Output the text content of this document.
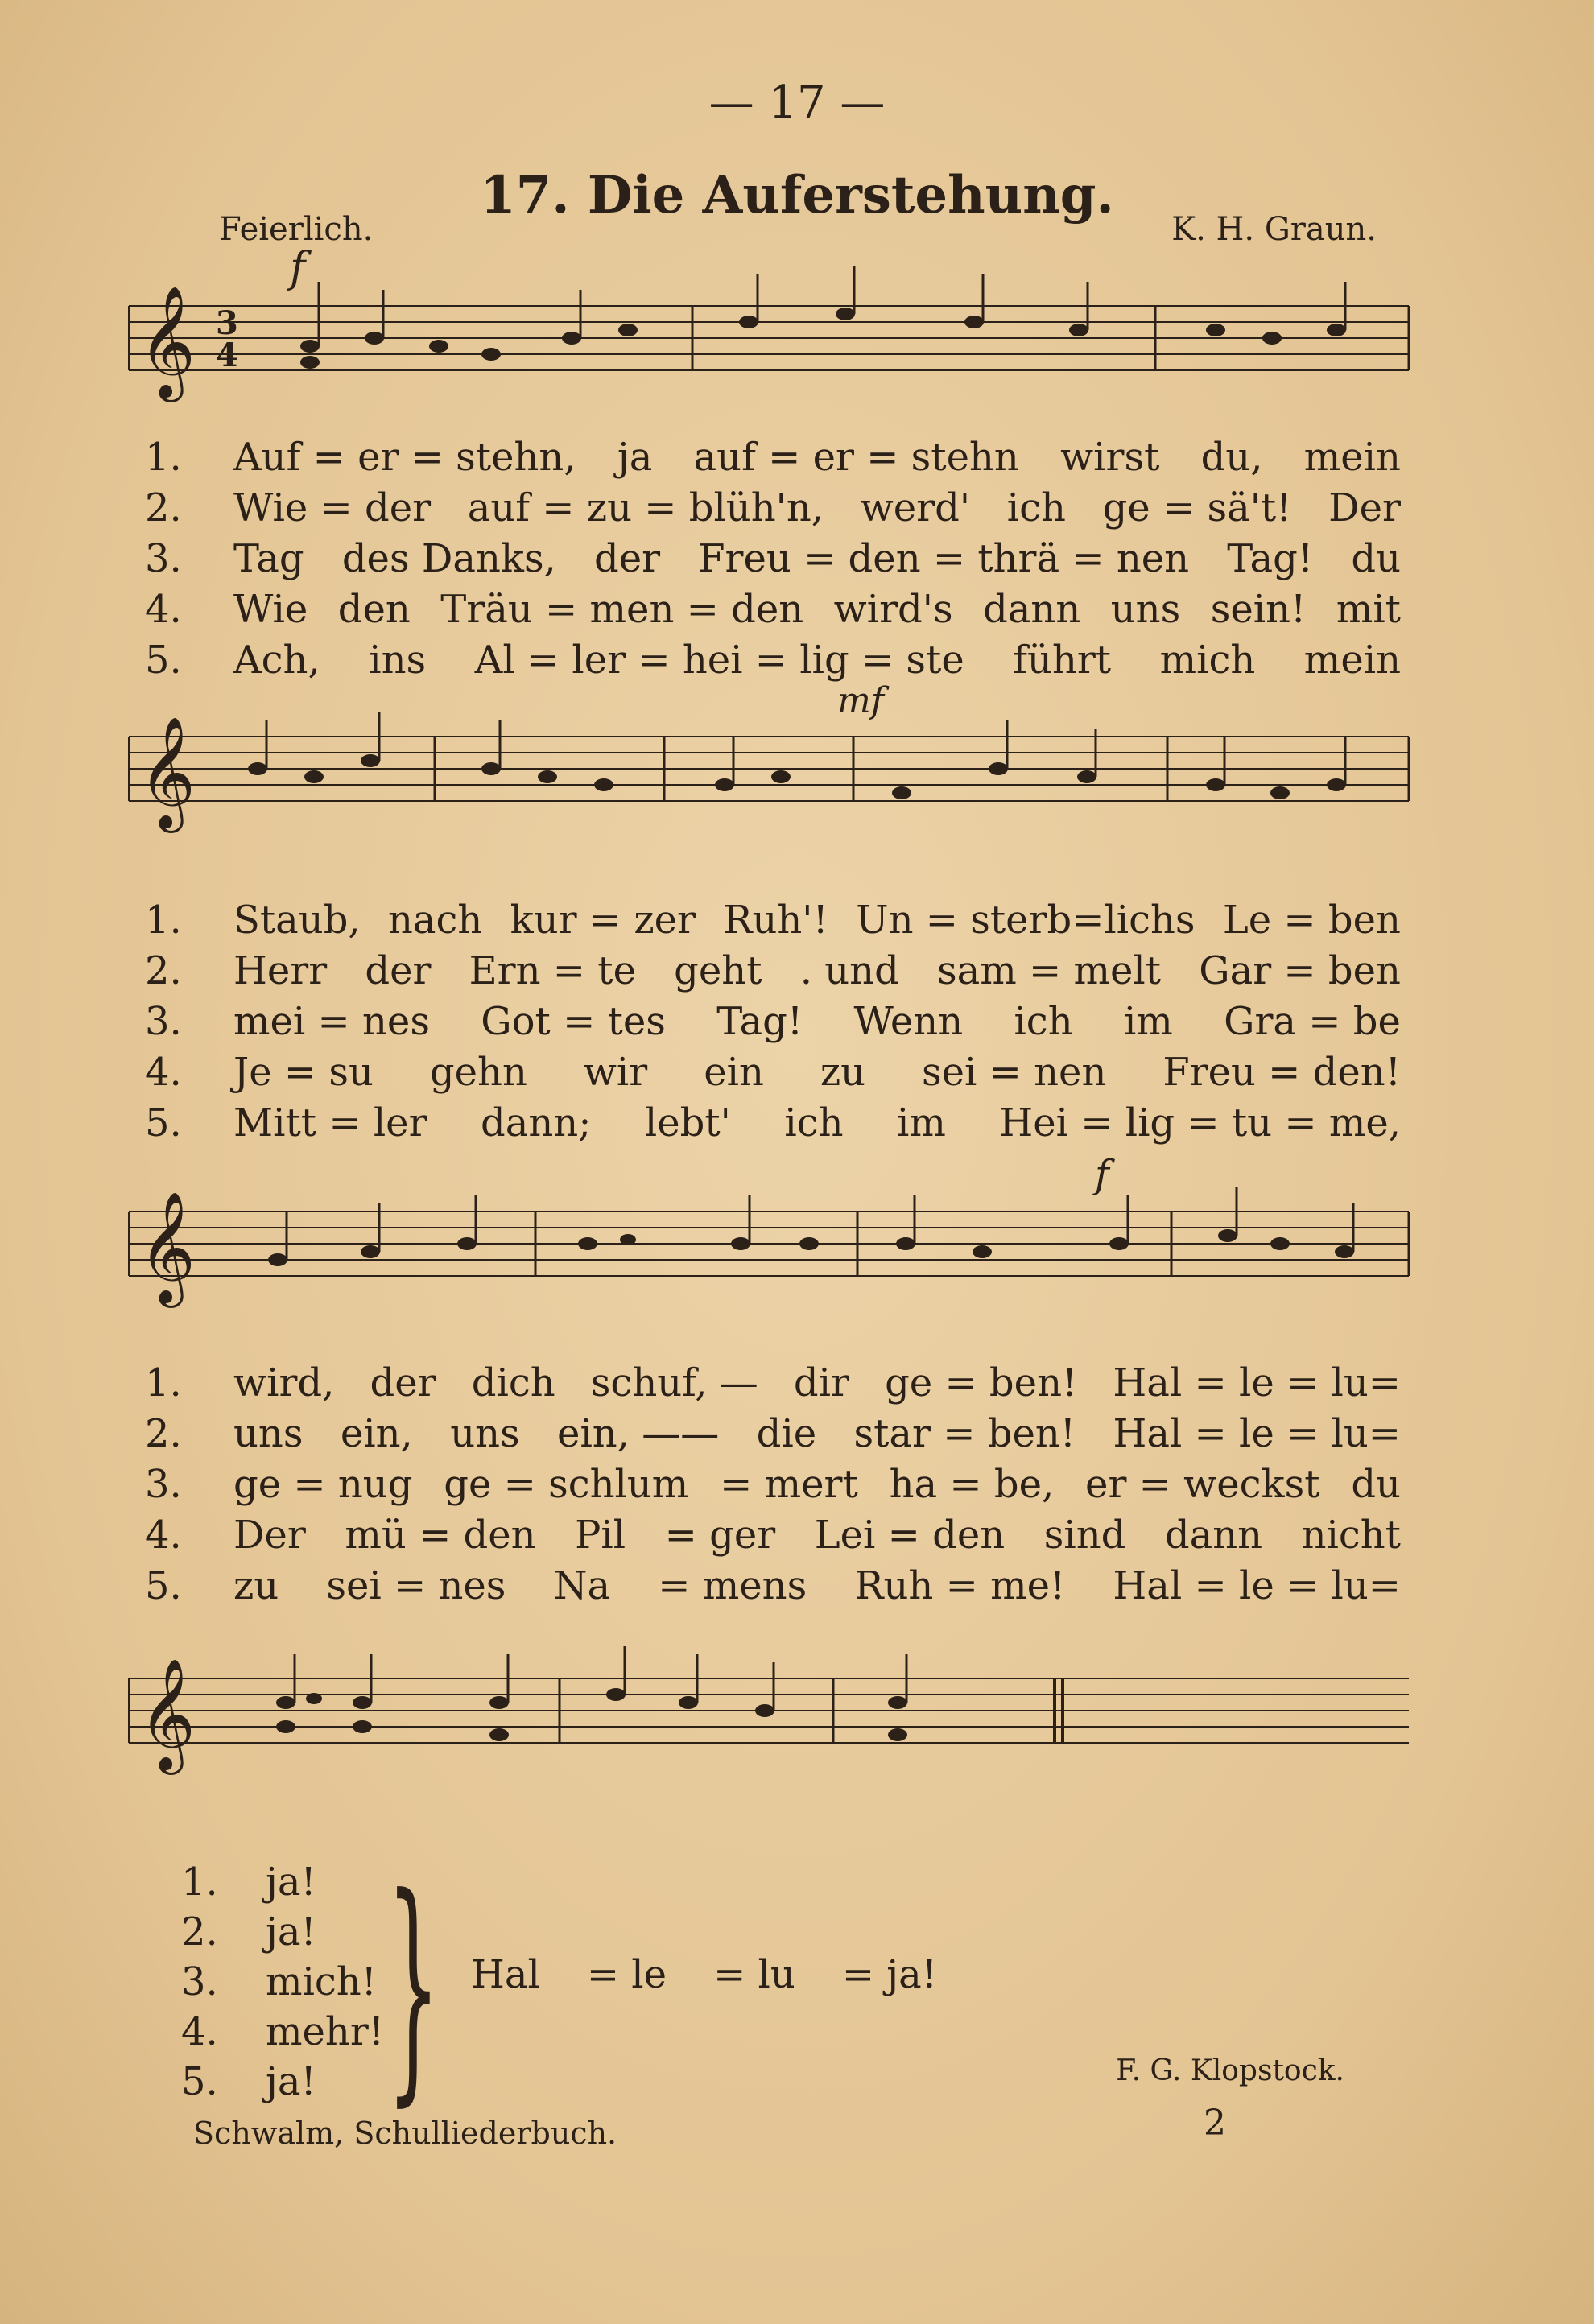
— 17 —
17. Die Auferstehung.
Feierlich.	K. H. Graun.
𝄞 3
4
f
1.	Auf = er = stehn, ja auf = er = stehn wirst du, mein
2.	Wie = der auf = zu = blüh'n, werd' ich ge = sä't! Der
3.	Tag des Danks, der Freu = den = thrä = nen Tag! du
4.	Wie den Träu = men = den wird's dann uns sein! mit
5.	Ach, ins Al = ler = hei = lig = ste führt mich mein
𝄞
mf
1.	Staub, nach kur = zer Ruh'! Un = sterb=lichs Le = ben
2.	Herr der Ern = te geht . und sam = melt Gar = ben
3.	mei = nes Got = tes Tag! Wenn ich im Gra = be
4.	Je = su gehn wir ein zu sei = nen Freu = den!
5.	Mitt = ler dann; lebt' ich im Hei = lig = tu = me,
𝄞
f
1.	wird, der dich schuf, — dir ge = ben! Hal = le = lu=
2.	uns ein, uns ein, —— die star = ben! Hal = le = lu=
3.	ge = nug ge = schlum = mert ha = be, er = weckst du
4.	Der mü = den Pil = ger Lei = den sind dann nicht
5.	zu sei = nes Na = mens Ruh = me! Hal = le = lu=
𝄞
1.	ja!
2.	ja!
3.	mich!
4.	mehr!
5.	ja! } Hal = le = lu = ja!
F. G. Klopstock.
Schwalm, Schulliederbuch.	2
